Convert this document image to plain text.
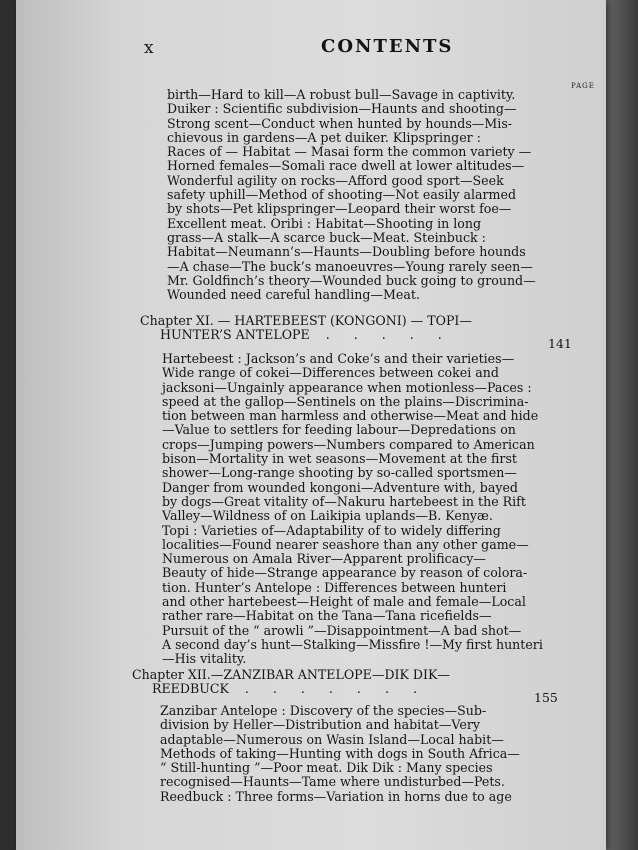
x	CONTENTS
PAGE
birth—Hard to kill—A robust bull—Savage in captivity.
Duiker : Scientific subdivision—Haunts and shooting—
Strong scent—Conduct when hunted by hounds—Mis-
chievous in gardens—A pet duiker. Klipspringer :
Races of — Habitat — Masai form the common variety —
Horned females—Somali race dwell at lower altitudes—
Wonderful agility on rocks—Afford good sport—Seek
safety uphill—Method of shooting—Not easily alarmed
by shots—Pet klipspringer—Leopard their worst foe—
Excellent meat. Oribi : Habitat—Shooting in long
grass—A stalk—A scarce buck—Meat. Steinbuck :
Habitat—Neumann’s—Haunts—Doubling before hounds
—A chase—The buck’s manoeuvres—Young rarely seen—
Mr. Goldfinch’s theory—Wounded buck going to ground—
Wounded need careful handling—Meat.
Chapter XI. — HARTEBEEST (KONGONI) — TOPI—
HUNTER’S ANTELOPE . . . . .
141
Hartebeest : Jackson’s and Coke’s and their varieties—
Wide range of cokei—Differences between cokei and
jacksoni—Ungainly appearance when motionless—Paces :
speed at the gallop—Sentinels on the plains—Discrimina-
tion between man harmless and otherwise—Meat and hide
—Value to settlers for feeding labour—Depredations on
crops—Jumping powers—Numbers compared to American
bison—Mortality in wet seasons—Movement at the first
shower—Long-range shooting by so-called sportsmen—
Danger from wounded kongoni—Adventure with, bayed
by dogs—Great vitality of—Nakuru hartebeest in the Rift
Valley—Wildness of on Laikipia uplands—B. Kenyæ.
Topi : Varieties of—Adaptability of to widely differing
localities—Found nearer seashore than any other game—
Numerous on Amala River—Apparent prolificacy—
Beauty of hide—Strange appearance by reason of colora-
tion. Hunter’s Antelope : Differences between hunteri
and other hartebeest—Height of male and female—Local
rather rare—Habitat on the Tana—Tana ricefields—
Pursuit of the “ arowli ”—Disappointment—A bad shot—
A second day’s hunt—Stalking—Missfire !—My first hunteri
—His vitality.
Chapter XII.—ZANZIBAR ANTELOPE—DIK DIK—
REEDBUCK . . . . . . .
155
Zanzibar Antelope : Discovery of the species—Sub-
division by Heller—Distribution and habitat—Very
adaptable—Numerous on Wasin Island—Local habit—
Methods of taking—Hunting with dogs in South Africa—
“ Still-hunting ”—Poor meat. Dik Dik : Many species
recognised—Haunts—Tame where undisturbed—Pets.
Reedbuck : Three forms—Variation in horns due to age
